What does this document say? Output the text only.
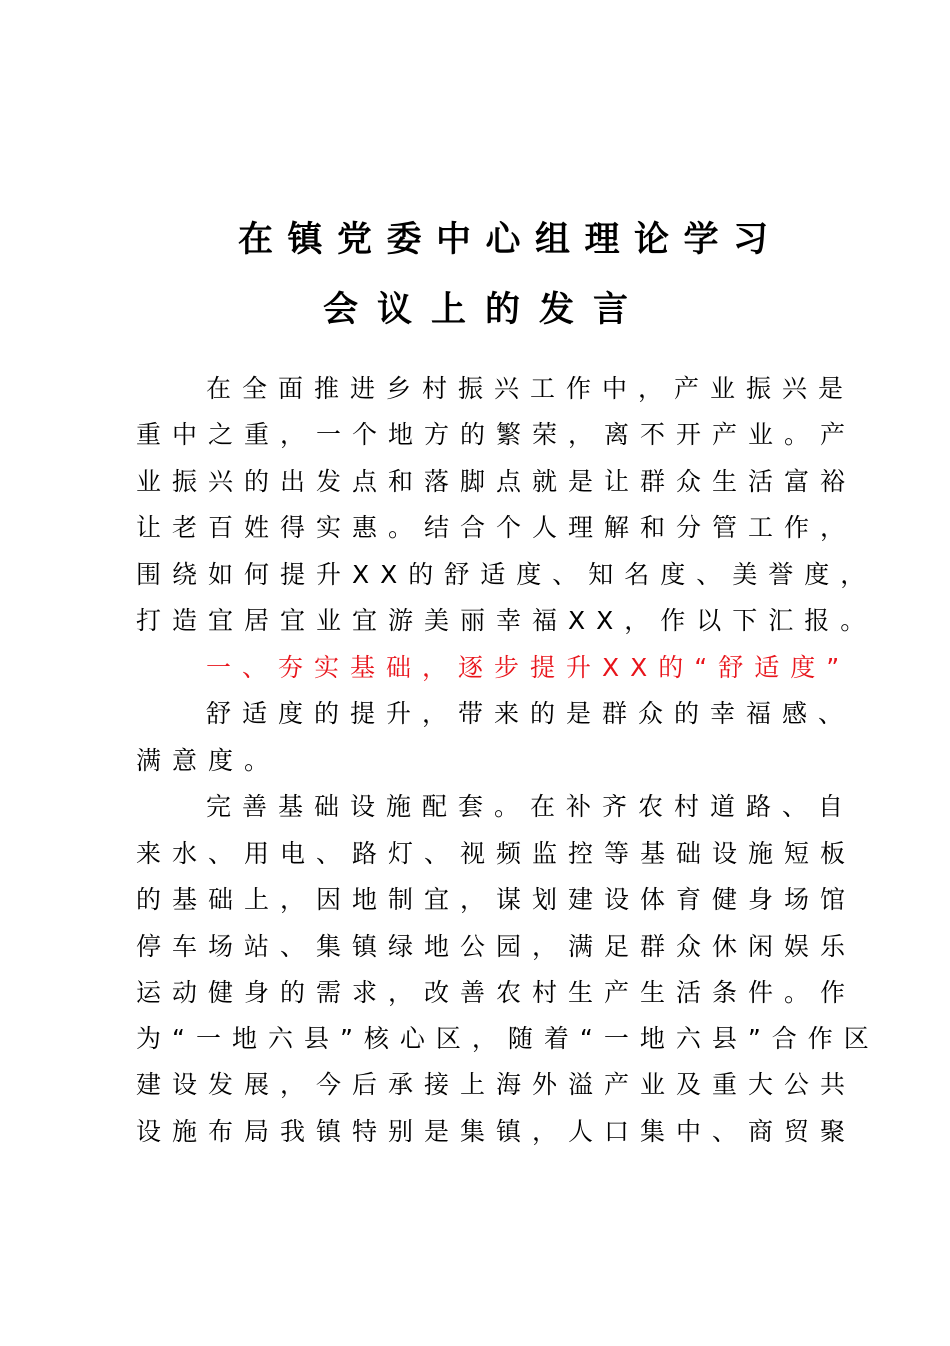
在镇党委中心组理论学习
会议上的发言
在全面推进乡村振兴工作中，产业振兴是
重中之重，一个地方的繁荣，离不开产业。产
业振兴的出发点和落脚点就是让群众生活富裕
让老百姓得实惠。结合个人理解和分管工作，
围绕如何提升XX的舒适度、知名度、美誉度，
打造宜居宜业宜游美丽幸福XX，作以下汇报。
一、夯实基础，逐步提升XX的“舒适度”
舒适度的提升，带来的是群众的幸福感、
满意度。
完善基础设施配套。在补齐农村道路、自
来水、用电、路灯、视频监控等基础设施短板
的基础上，因地制宜，谋划建设体育健身场馆
停车场站、集镇绿地公园，满足群众休闲娱乐
运动健身的需求，改善农村生产生活条件。作
为“一地六县”核心区，随着“一地六县”合作区
建设发展，今后承接上海外溢产业及重大公共
设施布局我镇特别是集镇，人口集中、商贸聚
